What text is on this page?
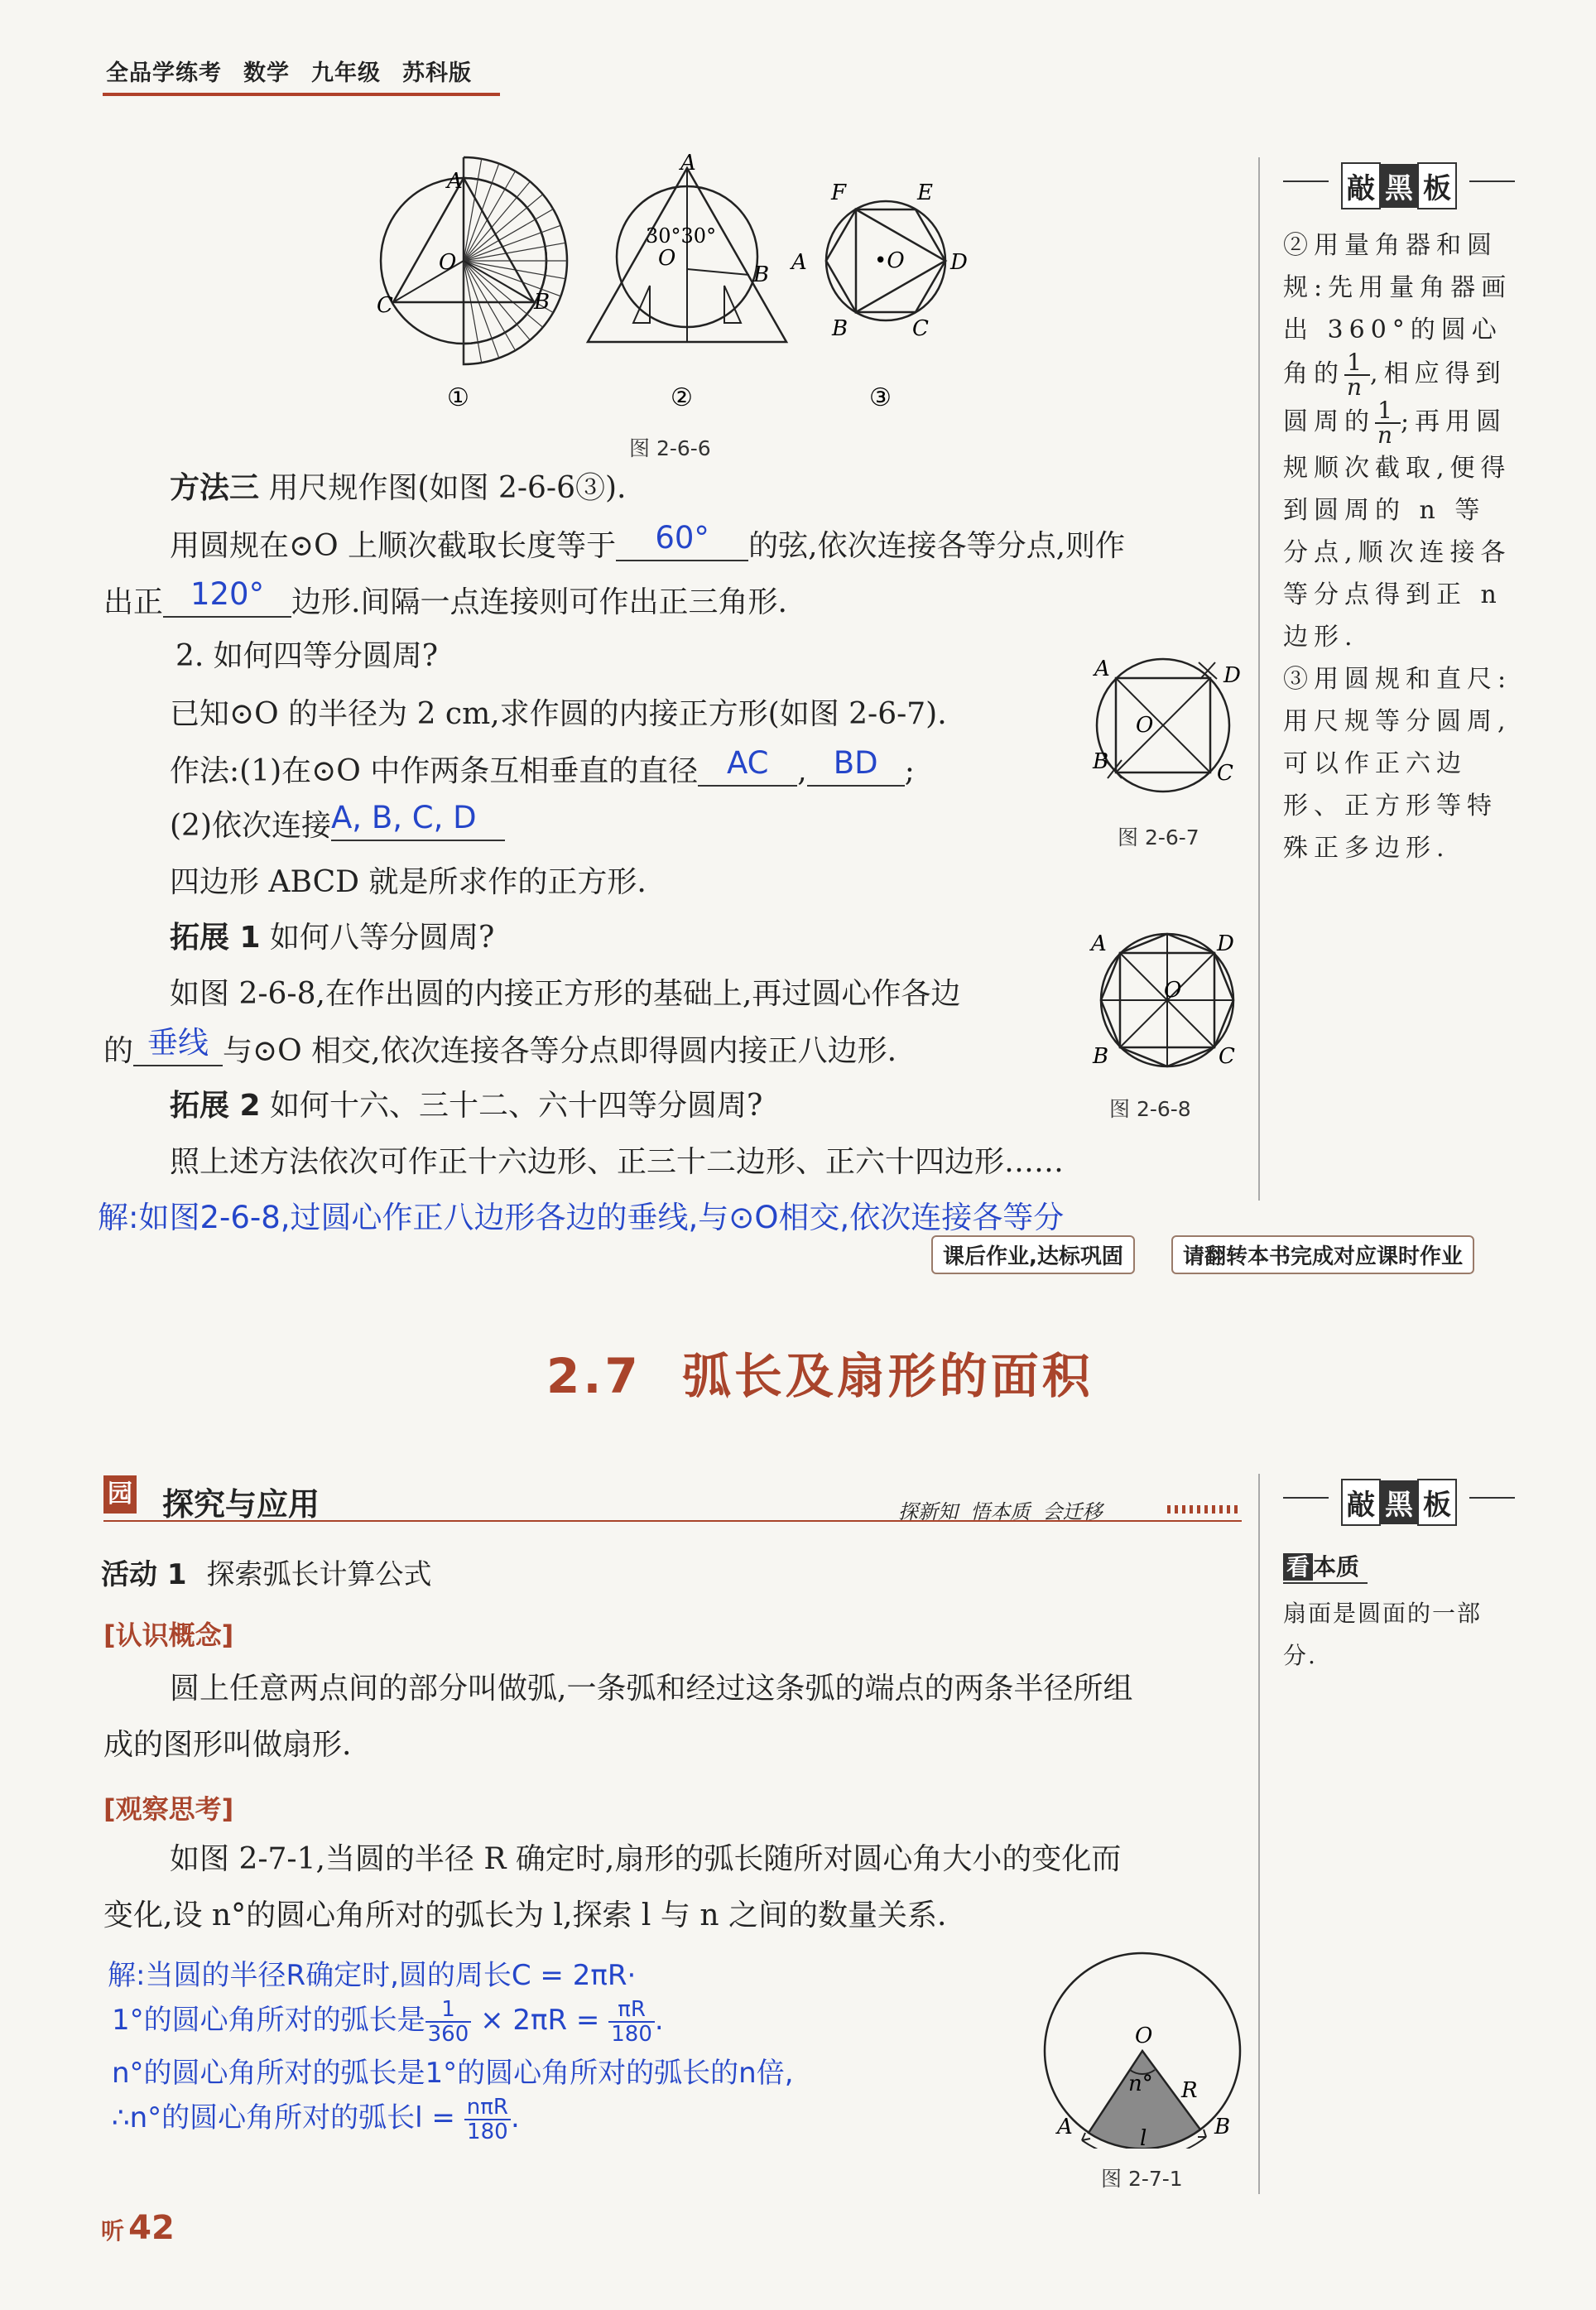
全品学练考 数学 九年级 苏科版
A
O
B
C
①
A
30°30°
O
B
②
F	E
A	•O D
B	C
③
图 2-6-6
方法三 用尺规作图(如图 2-6-6③).
用圆规在⊙O 上顺次截取长度等于	60°	的弦,依次连接各等分点,则作
出正 120° 边形.间隔一点连接则可作出正三角形.
2. 如何四等分圆周?
已知⊙O 的半径为 2 cm,求作圆的内接正方形(如图 2-6-7).
作法:(1)在⊙O 中作两条互相垂直的直径 AC , BD ;
(2)依次连接 A, B, C, D
四边形 ABCD 就是所求作的正方形.
A	D
O
B	C
图 2-6-7
拓展 1 如何八等分圆周?
如图 2-6-8,在作出圆的内接正方形的基础上,再过圆心作各边
的 垂线 与⊙O 相交,依次连接各等分点即得圆内接正八边形.
A	D
O
B	C
图 2-6-8
拓展 2 如何十六、三十二、六十四等分圆周?
照上述方法依次可作正十六边形、正三十二边形、正六十四边形……
解:如图2-6-8,过圆心作正八边形各边的垂线,与⊙O相交,依次连接各等分
课后作业,达标巩固	请翻转本书完成对应课时作业
敲 黑 板
②用量角器和圆规:先用量角器画出 360°的圆心角的 $\frac{1}{n}$ ,相应得到圆周的 $\frac{1}{n}$ ;再用圆规顺次截取,便得到圆周的 n 等分点,顺次连接各等分点得到正 n 边形.
③用圆规和直尺:用尺规等分圆周,可以作正六边形、正方形等特殊正多边形.
2.7 弧长及扇形的面积
园 探究与应用	探新知  悟本质  会迁移
活动 1 探索弧长计算公式
[认识概念]
圆上任意两点间的部分叫做弧,一条弧和经过这条弧的端点的两条半径所组
成的图形叫做扇形.
[观察思考]
如图 2-7-1,当圆的半径 R 确定时,扇形的弧长随所对圆心角大小的变化而
变化,设 n°的圆心角所对的弧长为 l,探索 l 与 n 之间的数量关系.
解:当圆的半径R确定时,圆的周长C = 2πR·
1°的圆心角所对的弧长是 $\frac{1}{360} \times 2\pi R = \frac{\pi R}{180}$ .
n°的圆心角所对的弧长是1°的圆心角所对的弧长的n倍,
∴n°的圆心角所对的弧长$l = \frac{\text{nπR}}{180}$ .
O
n° R
A	B
l
图 2-7-1
敲 黑 板
看 本质
扇面是圆面的一部分.
听 42
